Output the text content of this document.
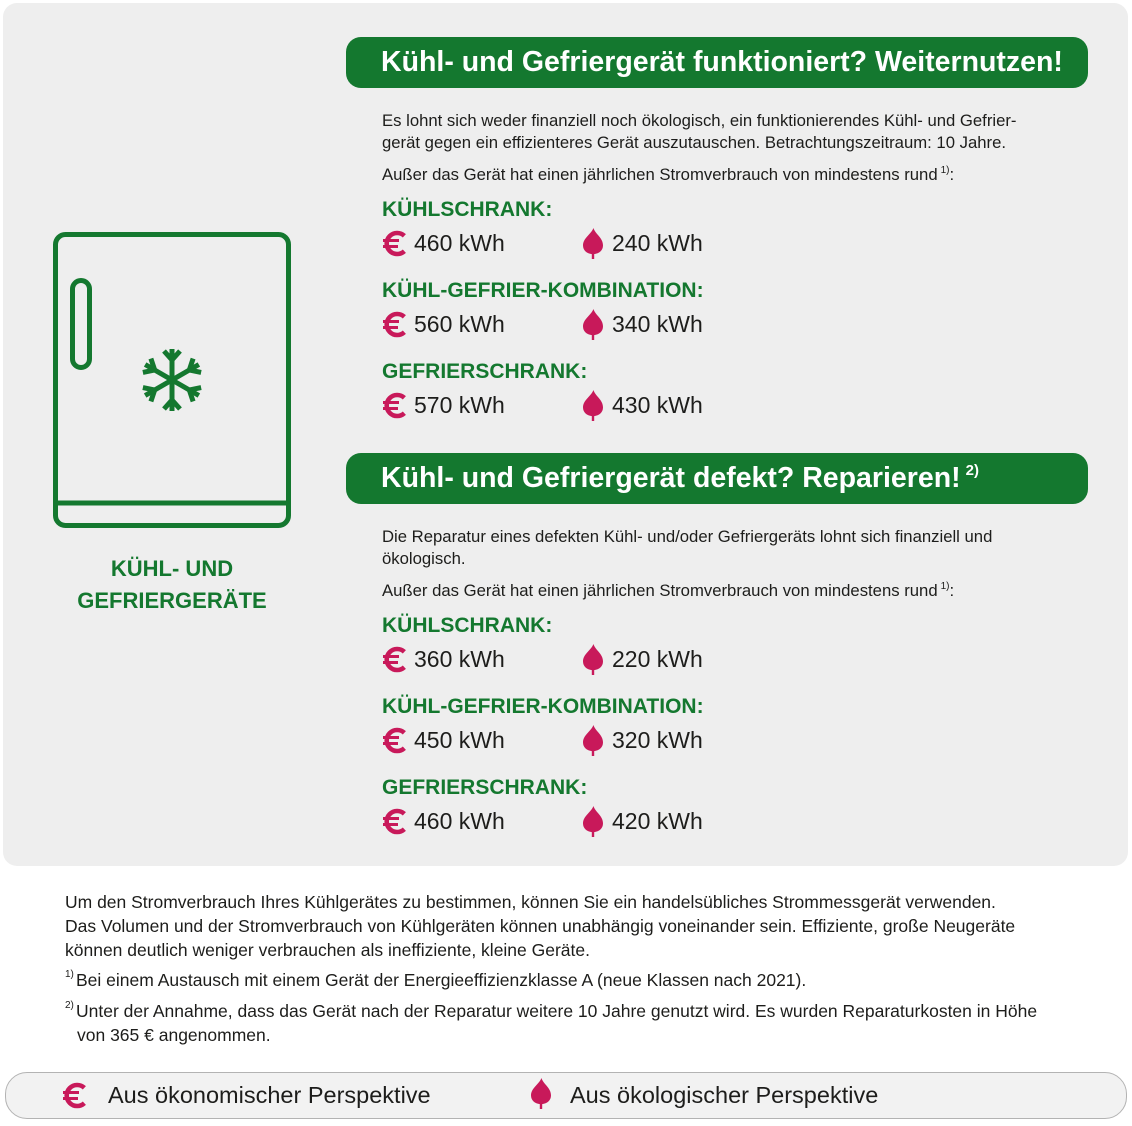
KÜHL- UND
GEFRIERGERÄTE
Kühl- und Gefriergerät funktioniert? Weiternutzen!
Es lohnt sich weder finanziell noch ökologisch, ein funktionierendes Kühl- und Gefrier-
gerät gegen ein effizienteres Gerät auszutauschen. Betrachtungszeitraum: 10 Jahre.
Außer das Gerät hat einen jährlichen Stromverbrauch von mindestens rund $^{1)}$:
KÜHLSCHRANK:
460 kWh	240 kWh
KÜHL-GEFRIER-KOMBINATION:
560 kWh	340 kWh
GEFRIERSCHRANK:
570 kWh	430 kWh
Kühl- und Gefriergerät defekt? Reparieren! $^{2)}$
Die Reparatur eines defekten Kühl- und/oder Gefriergeräts lohnt sich finanziell und
ökologisch.
Außer das Gerät hat einen jährlichen Stromverbrauch von mindestens rund $^{1)}$:
KÜHLSCHRANK:
360 kWh	220 kWh
KÜHL-GEFRIER-KOMBINATION:
450 kWh	320 kWh
GEFRIERSCHRANK:
460 kWh	420 kWh
Um den Stromverbrauch Ihres Kühlgerätes zu bestimmen, können Sie ein handelsübliches Strommessgerät verwenden.
Das Volumen und der Stromverbrauch von Kühlgeräten können unabhängig voneinander sein. Effiziente, große Neugeräte
können deutlich weniger verbrauchen als ineffiziente, kleine Geräte.
1) Bei einem Austausch mit einem Gerät der Energieeffizienzklasse A (neue Klassen nach 2021).
2) Unter der Annahme, dass das Gerät nach der Reparatur weitere 10 Jahre genutzt wird. Es wurden Reparaturkosten in Höhe
von 365 € angenommen.
Aus ökonomischer Perspektive	Aus ökologischer Perspektive
